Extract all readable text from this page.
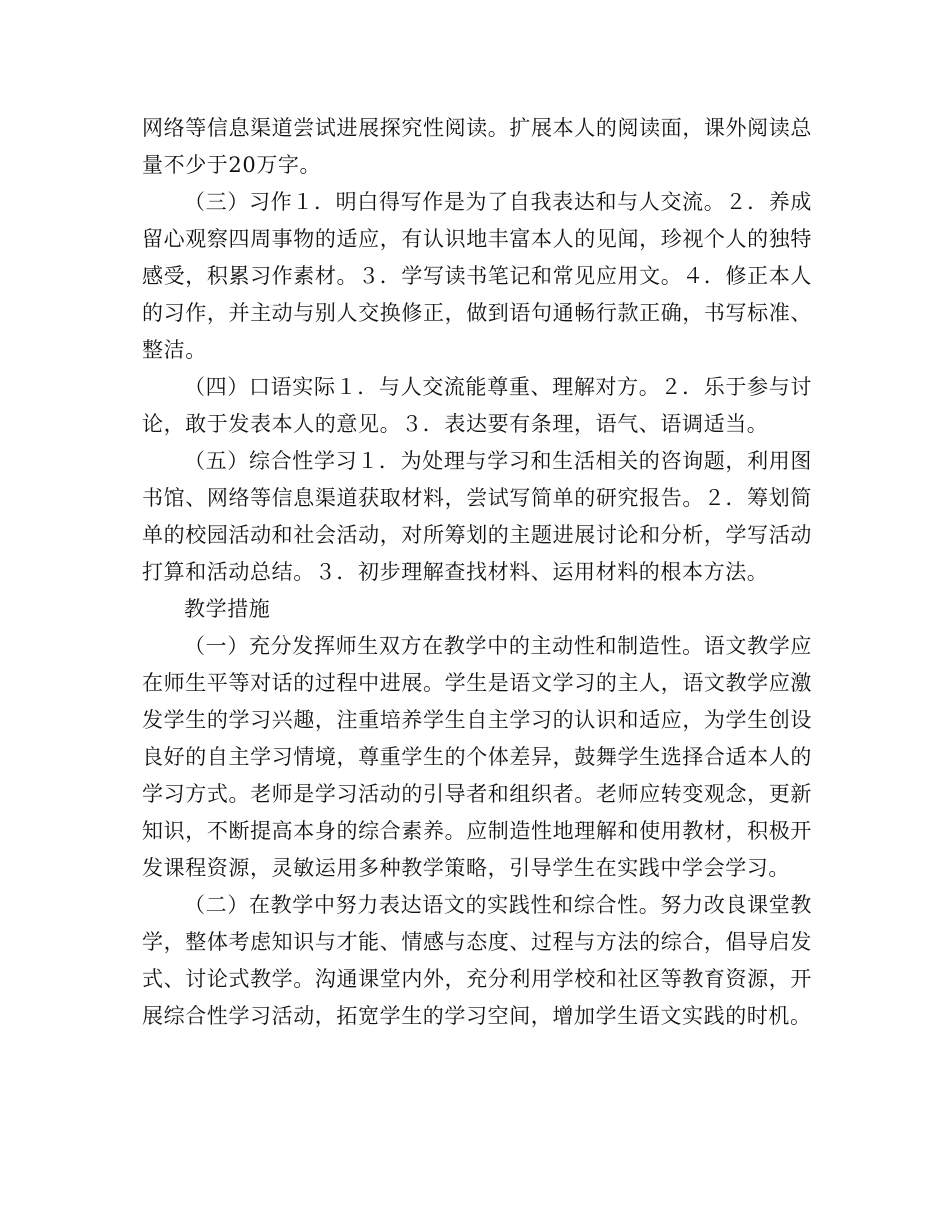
网络等信息渠道尝试进展探究性阅读。扩展本人的阅读面，课外阅读总量不少于20万字。

（三）习作１．明白得写作是为了自我表达和与人交流。２．养成留心观察四周事物的适应，有认识地丰富本人的见闻，珍视个人的独特感受，积累习作素材。３．学写读书笔记和常见应用文。４．修正本人的习作，并主动与别人交换修正，做到语句通畅行款正确，书写标准、整洁。

（四）口语实际１．与人交流能尊重、理解对方。２．乐于参与讨论，敢于发表本人的意见。３．表达要有条理，语气、语调适当。

（五）综合性学习１．为处理与学习和生活相关的咨询题，利用图书馆、网络等信息渠道获取材料，尝试写简单的研究报告。２．筹划简单的校园活动和社会活动，对所筹划的主题进展讨论和分析，学写活动打算和活动总结。３．初步理解查找材料、运用材料的根本方法。

教学措施

（一）充分发挥师生双方在教学中的主动性和制造性。语文教学应在师生平等对话的过程中进展。学生是语文学习的主人，语文教学应激发学生的学习兴趣，注重培养学生自主学习的认识和适应，为学生创设良好的自主学习情境，尊重学生的个体差异，鼓舞学生选择合适本人的学习方式。老师是学习活动的引导者和组织者。老师应转变观念，更新知识，不断提高本身的综合素养。应制造性地理解和使用教材，积极开发课程资源，灵敏运用多种教学策略，引导学生在实践中学会学习。

（二）在教学中努力表达语文的实践性和综合性。努力改良课堂教学，整体考虑知识与才能、情感与态度、过程与方法的综合，倡导启发式、讨论式教学。沟通课堂内外，充分利用学校和社区等教育资源，开展综合性学习活动，拓宽学生的学习空间，增加学生语文实践的时机。
